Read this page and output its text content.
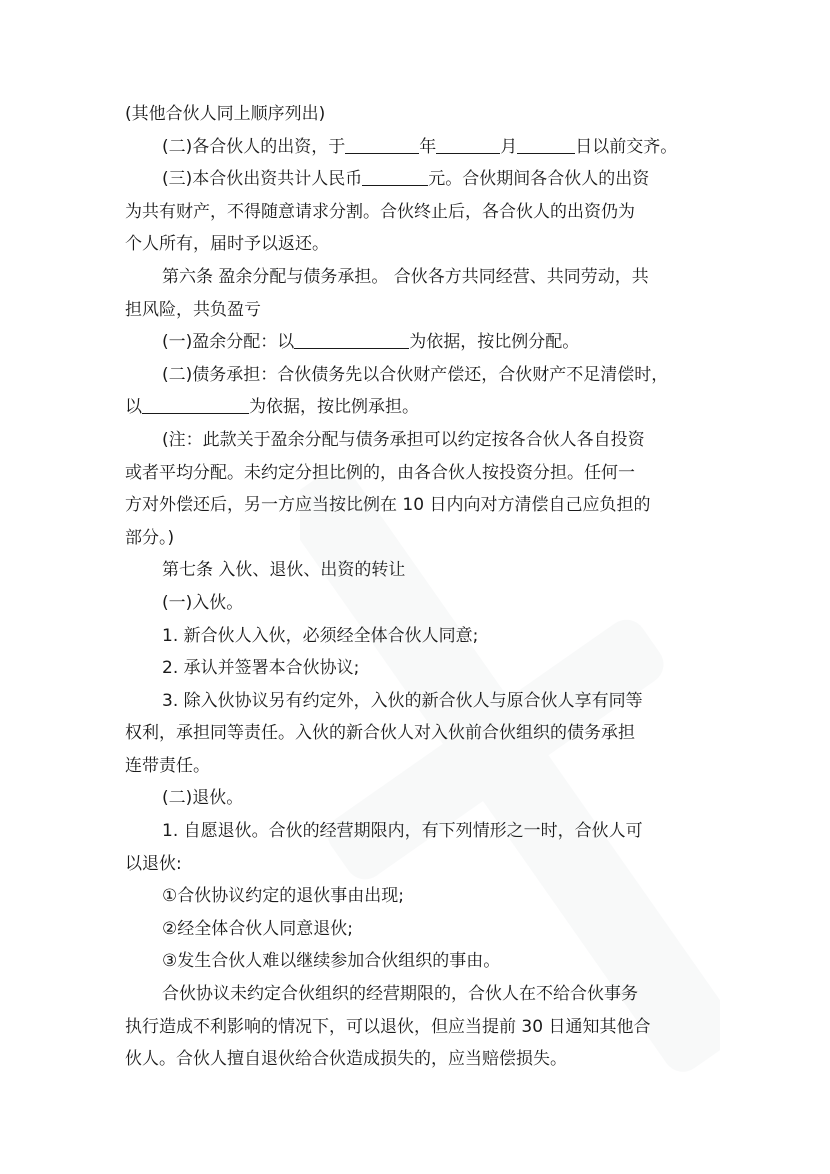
(其他合伙人同上顺序列出)

(二)各合伙人的出资，于	年	月	日以前交齐。

(三)本合伙出资共计人民币	元。合伙期间各合伙人的出资

为共有财产，不得随意请求分割。合伙终止后，各合伙人的出资仍为

个人所有，届时予以返还。

第六条 盈余分配与债务承担。 合伙各方共同经营、共同劳动，共

担风险，共负盈亏

(一)盈余分配：以	为依据，按比例分配。

(二)债务承担：合伙债务先以合伙财产偿还，合伙财产不足清偿时，

以	为依据，按比例承担。

(注：此款关于盈余分配与债务承担可以约定按各合伙人各自投资

或者平均分配。未约定分担比例的，由各合伙人按投资分担。任何一

方对外偿还后，另一方应当按比例在 10 日内向对方清偿自己应负担的

部分。)

第七条 入伙、退伙、出资的转让

(一)入伙。

1. 新合伙人入伙，必须经全体合伙人同意;

2. 承认并签署本合伙协议;

3. 除入伙协议另有约定外，入伙的新合伙人与原合伙人享有同等

权利，承担同等责任。入伙的新合伙人对入伙前合伙组织的债务承担

连带责任。

(二)退伙。

1. 自愿退伙。合伙的经营期限内，有下列情形之一时，合伙人可

以退伙:

①合伙协议约定的退伙事由出现;

②经全体合伙人同意退伙;

③发生合伙人难以继续参加合伙组织的事由。

合伙协议未约定合伙组织的经营期限的，合伙人在不给合伙事务

执行造成不利影响的情况下，可以退伙，但应当提前 30 日通知其他合

伙人。合伙人擅自退伙给合伙造成损失的，应当赔偿损失。
